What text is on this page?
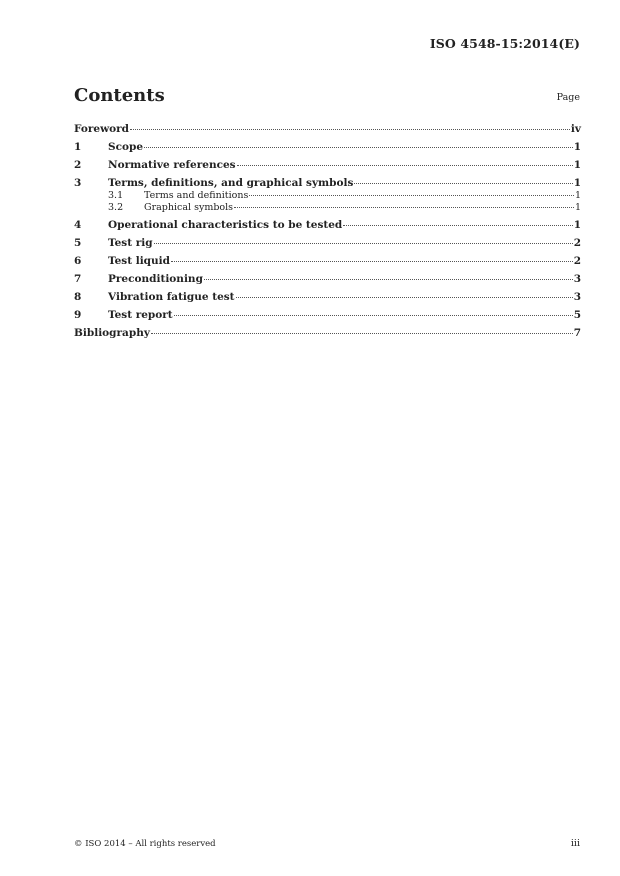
ISO 4548-15:2014(E)
Contents	Page
Foreword	iv
1	Scope	1
2	Normative references	1
3	Terms, definitions, and graphical symbols	1
3.1	Terms and definitions	1
3.2	Graphical symbols	1
4	Operational characteristics to be tested	1
5	Test rig	2
6	Test liquid	2
7	Preconditioning	3
8	Vibration fatigue test	3
9	Test report	5
Bibliography	7
© ISO 2014 – All rights reserved	iii
